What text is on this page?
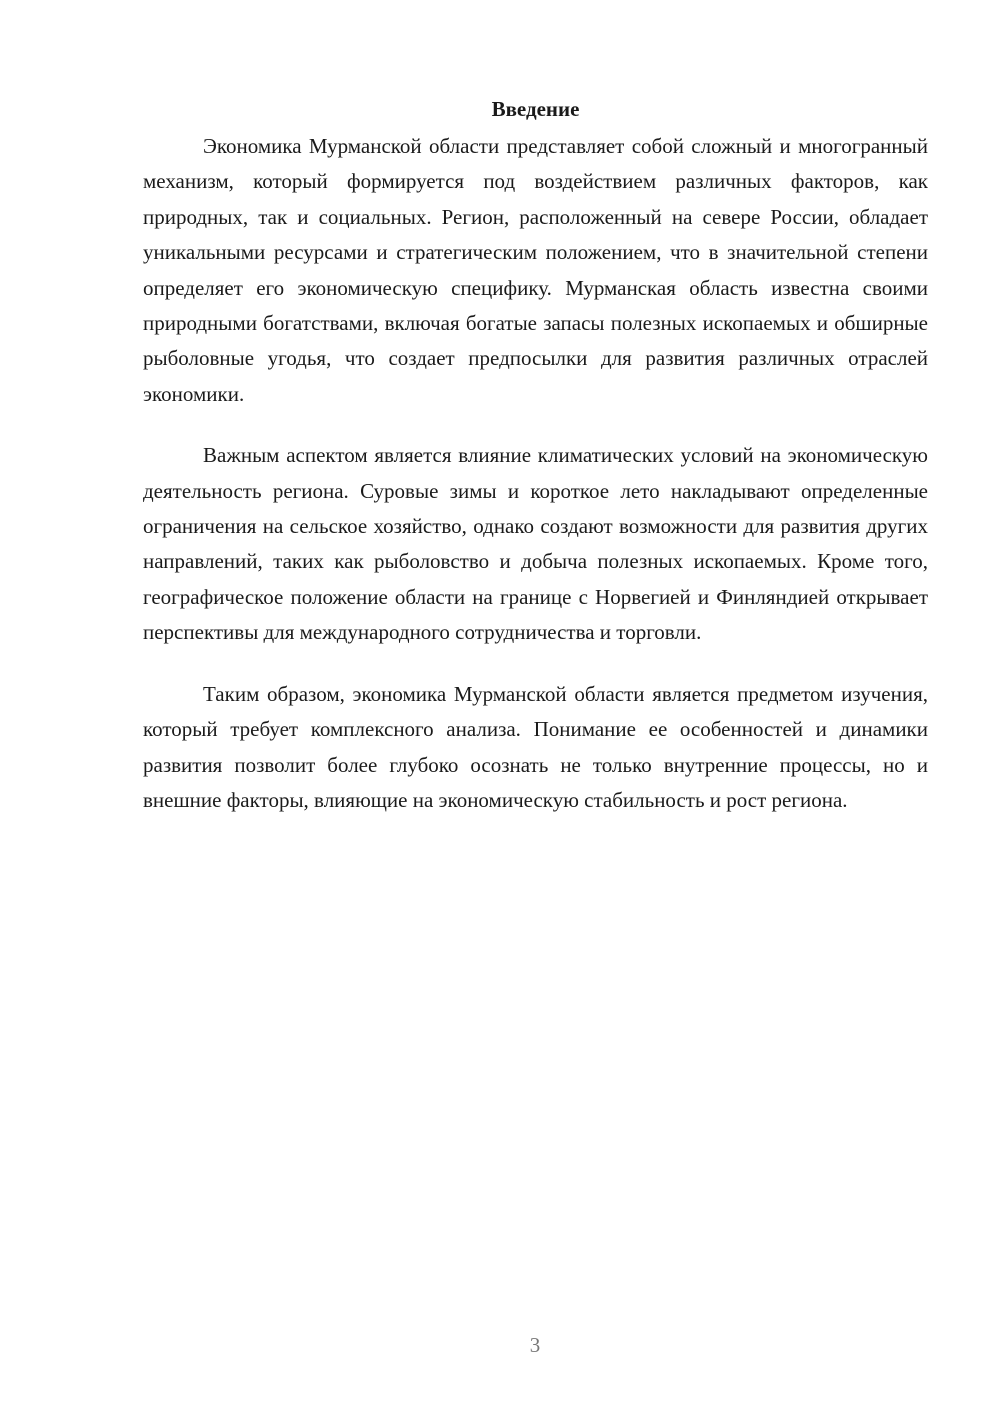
Введение

Экономика Мурманской области представляет собой сложный и многогранный механизм, который формируется под воздействием различных факторов, как природных, так и социальных. Регион, расположенный на севере России, обладает уникальными ресурсами и стратегическим положением, что в значительной степени определяет его экономическую специфику. Мурманская область известна своими природными богатствами, включая богатые запасы полезных ископаемых и обширные рыболовные угодья, что создает предпосылки для развития различных отраслей экономики.

Важным аспектом является влияние климатических условий на экономическую деятельность региона. Суровые зимы и короткое лето накладывают определенные ограничения на сельское хозяйство, однако создают возможности для развития других направлений, таких как рыболовство и добыча полезных ископаемых. Кроме того, географическое положение области на границе с Норвегией и Финляндией открывает перспективы для международного сотрудничества и торговли.

Таким образом, экономика Мурманской области является предметом изучения, который требует комплексного анализа. Понимание ее особенностей и динамики развития позволит более глубоко осознать не только внутренние процессы, но и внешние факторы, влияющие на экономическую стабильность и рост региона.

3
